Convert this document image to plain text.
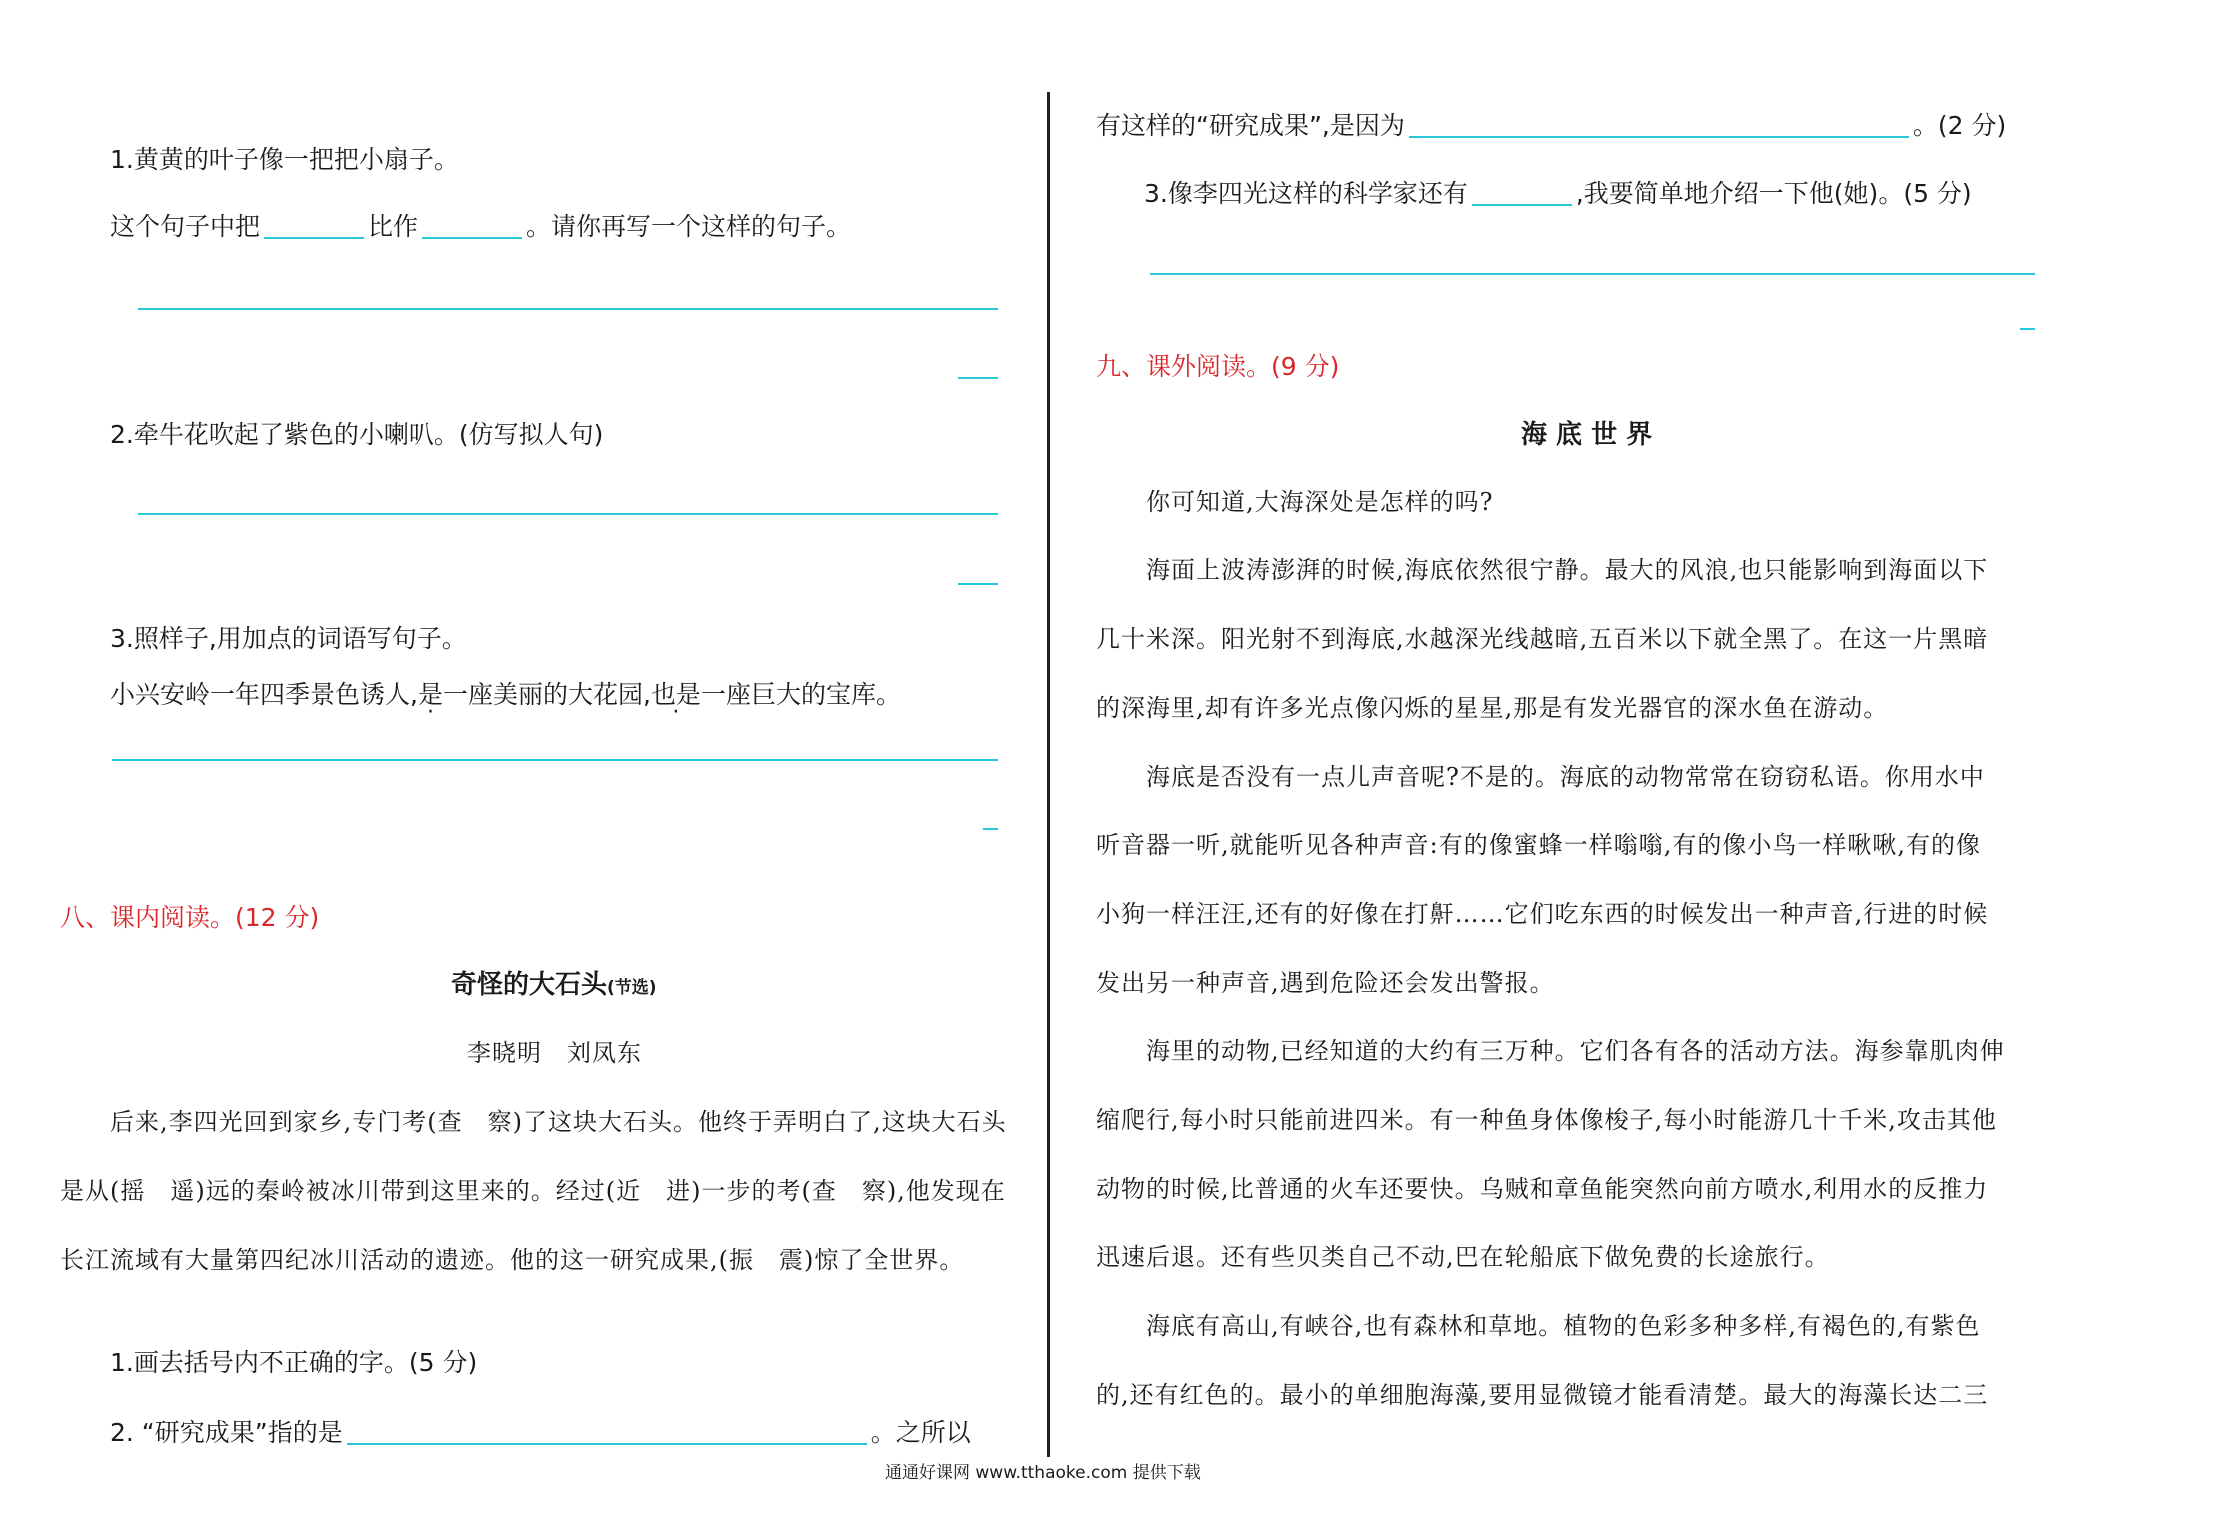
1.黄黄的叶子像一把把小扇子。
这个句子中把	比作	。请你再写一个这样的句子。
2.牵牛花吹起了紫色的小喇叭。(仿写拟人句)
3.照样子,用加点的词语写句子。
小兴安岭一年四季景色诱人,是一座美丽的大花园,也是一座巨大的宝库。
八、课内阅读。(12 分)
奇怪的大石头(节选)
李晓明　刘凤东
后来,李四光回到家乡,专门考(查　察)了这块大石头。他终于弄明白了,这块大石头
是从(摇　遥)远的秦岭被冰川带到这里来的。经过(近　进)一步的考(查　察),他发现在
长江流域有大量第四纪冰川活动的遗迹。他的这一研究成果,(振　震)惊了全世界。
1.画去括号内不正确的字。(5 分)
2. “研究成果”指的是	。之所以
有这样的“研究成果”,是因为	。(2 分)
3.像李四光这样的科学家还有	,我要简单地介绍一下他(她)。(5 分)
九、课外阅读。(9 分)
海 底 世 界
你可知道,大海深处是怎样的吗?
海面上波涛澎湃的时候,海底依然很宁静。最大的风浪,也只能影响到海面以下
几十米深。阳光射不到海底,水越深光线越暗,五百米以下就全黑了。在这一片黑暗
的深海里,却有许多光点像闪烁的星星,那是有发光器官的深水鱼在游动。
海底是否没有一点儿声音呢?不是的。海底的动物常常在窃窃私语。你用水中
听音器一听,就能听见各种声音:有的像蜜蜂一样嗡嗡,有的像小鸟一样啾啾,有的像
小狗一样汪汪,还有的好像在打鼾……它们吃东西的时候发出一种声音,行进的时候
发出另一种声音,遇到危险还会发出警报。
海里的动物,已经知道的大约有三万种。它们各有各的活动方法。海参靠肌肉伸
缩爬行,每小时只能前进四米。有一种鱼身体像梭子,每小时能游几十千米,攻击其他
动物的时候,比普通的火车还要快。乌贼和章鱼能突然向前方喷水,利用水的反推力
迅速后退。还有些贝类自己不动,巴在轮船底下做免费的长途旅行。
海底有高山,有峡谷,也有森林和草地。植物的色彩多种多样,有褐色的,有紫色
的,还有红色的。最小的单细胞海藻,要用显微镜才能看清楚。最大的海藻长达二三
通通好课网 www.tthaoke.com 提供下载
